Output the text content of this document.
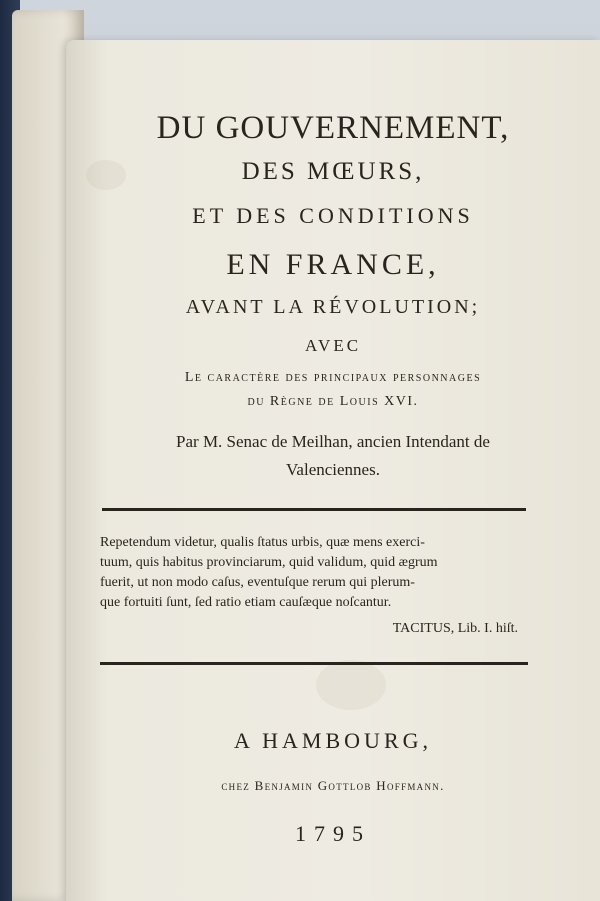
DU GOUVERNEMENT,
DES MŒURS,
ET DES CONDITIONS
EN FRANCE,
AVANT LA RÉVOLUTION;
AVEC
Le caractère des principaux personnages
du Règne de Louis XVI.
Par M. Senac de Meilhan, ancien Intendant de
Valenciennes.
Repetendum videtur, qualis ſtatus urbis, quæ mens exerci-
tuum, quis habitus provinciarum, quid validum, quid ægrum
fuerit, ut non modo caſus, eventuſque rerum qui plerum-
que fortuiti ſunt, ſed ratio etiam cauſæque noſcantur.
TACITUS, Lib. I. hiſt.
A HAMBOURG,
chez Benjamin Gottlob Hoffmann.
1795
